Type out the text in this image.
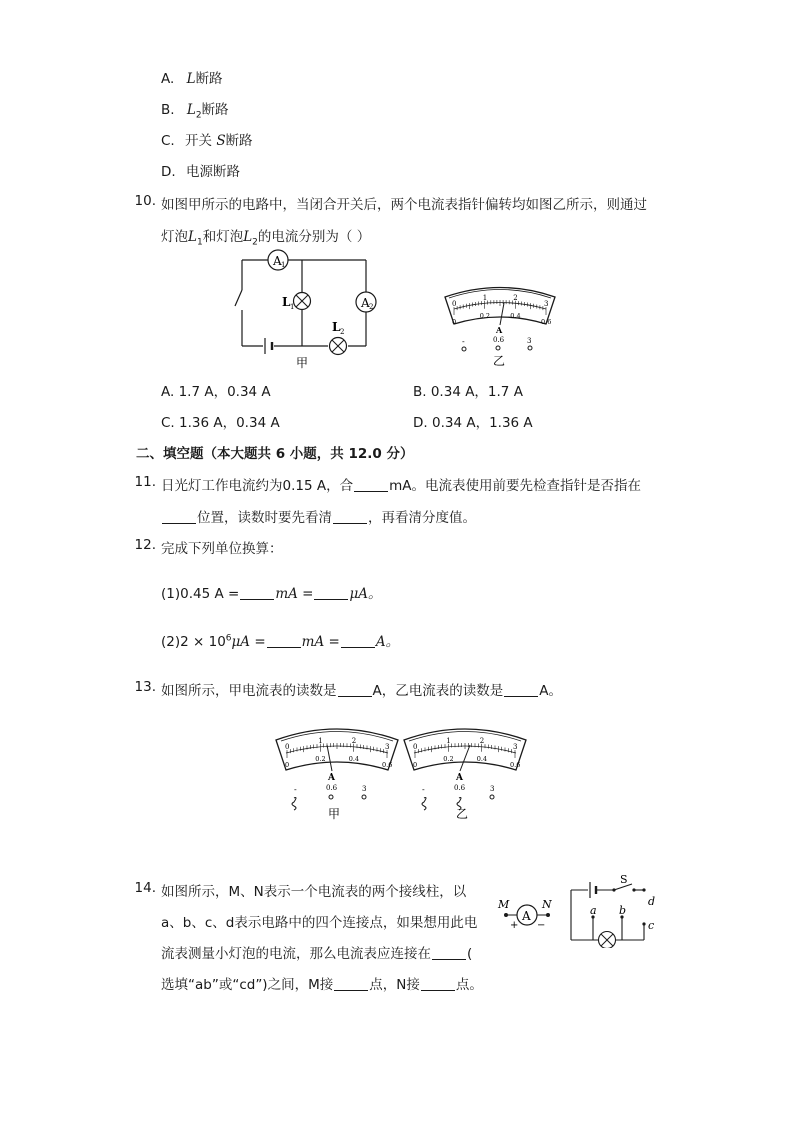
A. L断路
B. $L_2$断路
C. 开关 S断路
D. 电源断路
10. 如图甲所示的电路中，当闭合开关后，两个电流表指针偏转均如图乙所示，则通过
灯泡$L_1$和灯泡$L_2$的电流分别为（ ）
A 1
L 1	A 2
L 2
甲
A
0.6
-	3
乙
0
1	2
3
0
0.2	0.4
0.6
A. 1.7 A，0.34 A	B. 0.34 A，1.7 A
C. 1.36 A，0.34 A	D. 0.34 A，1.36 A
二、填空题（本大题共 6 小题，共 12.0 分）
11. 日光灯工作电流约为0.15 A，合	mA。电流表使用前要先检查指针是否指在
位置，读数时要先看清	，再看清分度值。
12. 完成下列单位换算：
(1)0.45 A =	mA =	μA。
$(2)2 \times 10^6\mu A$ =	mA =	A。
13. 如图所示，甲电流表的读数是	A，乙电流表的读数是	A。
A
0.6
-	3
甲
0
1	2
3
0
0.2	0.4
0.6
A
0.6
-	3
乙
0
1	2
3
0
0.2	0.4
0.6
14. 如图所示，M、N表示一个电流表的两个接线柱，以
a、b、c、d表示电路中的四个连接点，如果想用此电
流表测量小灯泡的电流，那么电流表应连接在	(
选填“ab”或“cd”)之间，M接	点，N接	点。
M	N
A
+ −
S
a b
c
d
